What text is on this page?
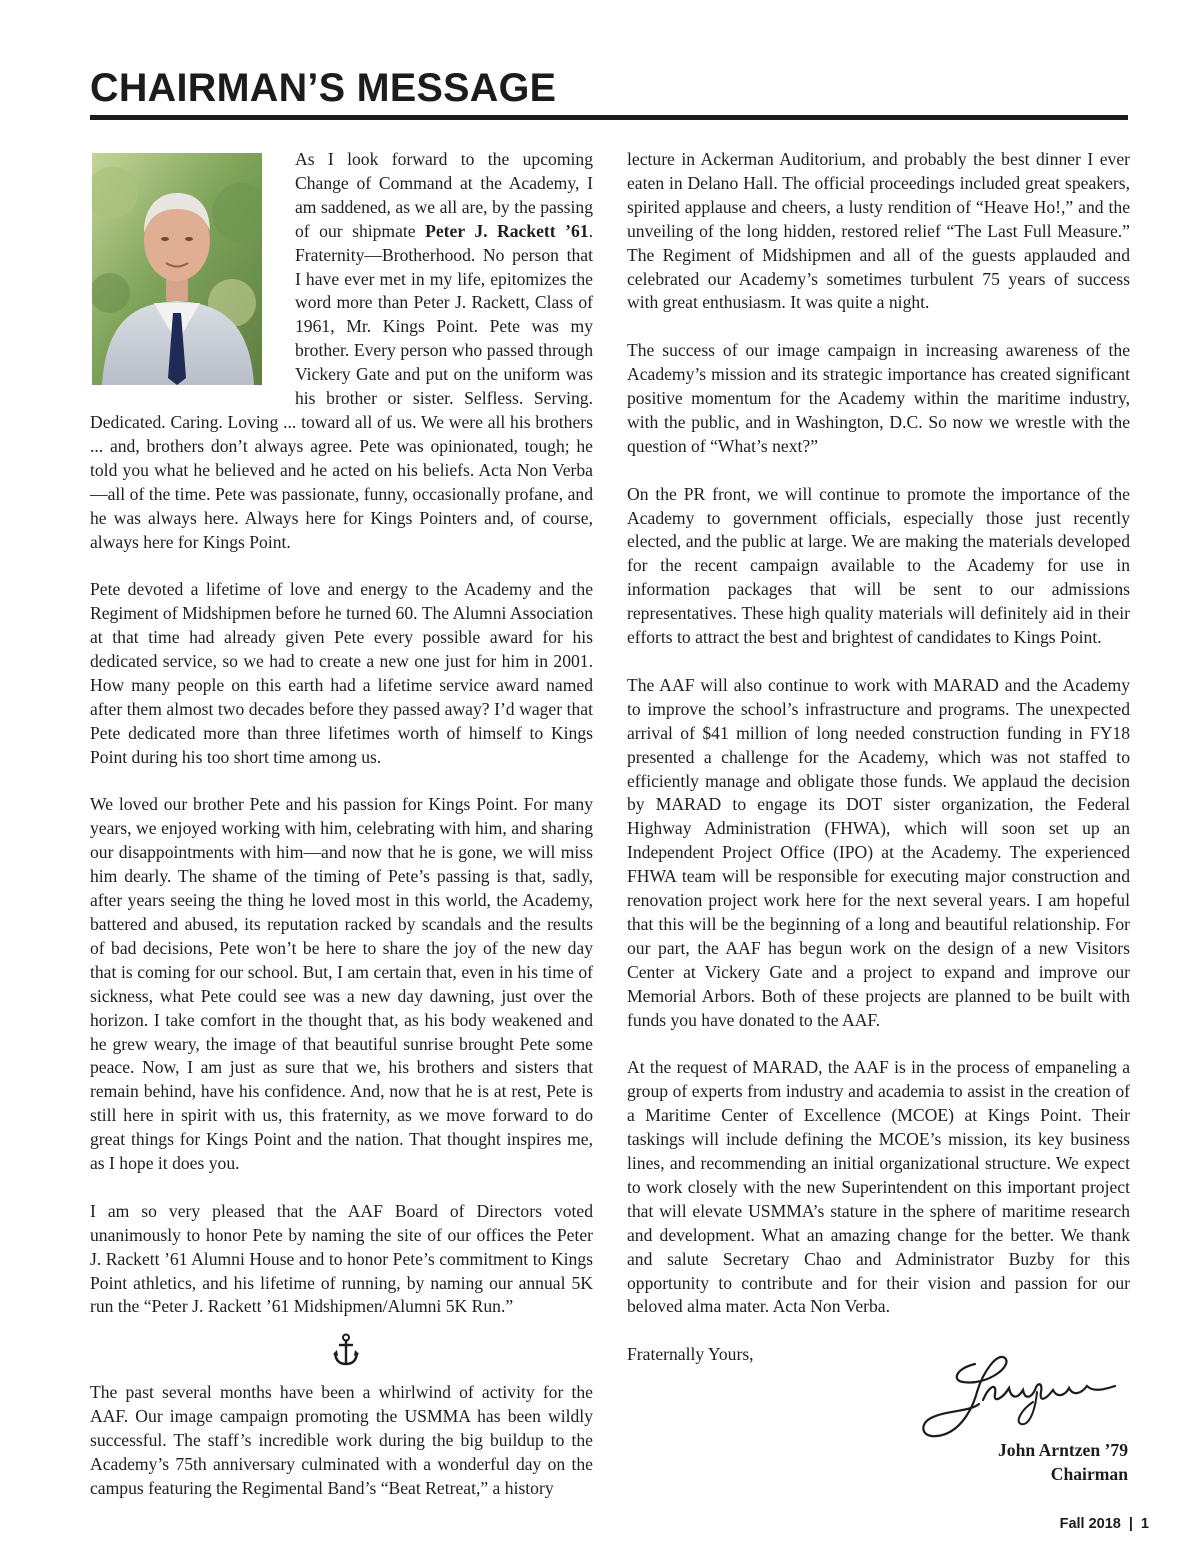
CHAIRMAN’S MESSAGE

As I look forward to the upcoming Change of Command at the Academy, I am saddened, as we all are, by the passing of our shipmate Peter J. Rackett ’61. Fraternity—Brotherhood. No person that I have ever met in my life, epitomizes the word more than Peter J. Rackett, Class of 1961, Mr. Kings Point. Pete was my brother. Every person who passed through Vickery Gate and put on the uniform was his brother or sister. Selfless. Serving. Dedicated. Caring. Loving ... toward all of us. We were all his brothers ... and, brothers don’t always agree. Pete was opinionated, tough; he told you what he believed and he acted on his beliefs. Acta Non Verba—all of the time. Pete was passionate, funny, occasionally profane, and he was always here. Always here for Kings Pointers and, of course, always here for Kings Point.

Pete devoted a lifetime of love and energy to the Academy and the Regiment of Midshipmen before he turned 60. The Alumni Association at that time had already given Pete every possible award for his dedicated service, so we had to create a new one just for him in 2001. How many people on this earth had a lifetime service award named after them almost two decades before they passed away? I’d wager that Pete dedicated more than three lifetimes worth of himself to Kings Point during his too short time among us.

We loved our brother Pete and his passion for Kings Point. For many years, we enjoyed working with him, celebrating with him, and sharing our disappointments with him—and now that he is gone, we will miss him dearly. The shame of the timing of Pete’s passing is that, sadly, after years seeing the thing he loved most in this world, the Academy, battered and abused, its reputation racked by scandals and the results of bad decisions, Pete won’t be here to share the joy of the new day that is coming for our school. But, I am certain that, even in his time of sickness, what Pete could see was a new day dawning, just over the horizon. I take comfort in the thought that, as his body weakened and he grew weary, the image of that beautiful sunrise brought Pete some peace. Now, I am just as sure that we, his brothers and sisters that remain behind, have his confidence. And, now that he is at rest, Pete is still here in spirit with us, this fraternity, as we move forward to do great things for Kings Point and the nation. That thought inspires me, as I hope it does you.

I am so very pleased that the AAF Board of Directors voted unanimously to honor Pete by naming the site of our offices the Peter J. Rackett ’61 Alumni House and to honor Pete’s commitment to Kings Point athletics, and his lifetime of running, by naming our annual 5K run the “Peter J. Rackett ’61 Midshipmen/Alumni 5K Run.”

The past several months have been a whirlwind of activity for the AAF. Our image campaign promoting the USMMA has been wildly successful. The staff’s incredible work during the big buildup to the Academy’s 75th anniversary culminated with a wonderful day on the campus featuring the Regimental Band’s “Beat Retreat,” a history

lecture in Ackerman Auditorium, and probably the best dinner I ever eaten in Delano Hall. The official proceedings included great speakers, spirited applause and cheers, a lusty rendition of “Heave Ho!,” and the unveiling of the long hidden, restored relief “The Last Full Measure.” The Regiment of Midshipmen and all of the guests applauded and celebrated our Academy’s sometimes turbulent 75 years of success with great enthusiasm. It was quite a night.

The success of our image campaign in increasing awareness of the Academy’s mission and its strategic importance has created significant positive momentum for the Academy within the maritime industry, with the public, and in Washington, D.C. So now we wrestle with the question of “What’s next?”

On the PR front, we will continue to promote the importance of the Academy to government officials, especially those just recently elected, and the public at large. We are making the materials developed for the recent campaign available to the Academy for use in information packages that will be sent to our admissions representatives. These high quality materials will definitely aid in their efforts to attract the best and brightest of candidates to Kings Point.

The AAF will also continue to work with MARAD and the Academy to improve the school’s infrastructure and programs. The unexpected arrival of $41 million of long needed construction funding in FY18 presented a challenge for the Academy, which was not staffed to efficiently manage and obligate those funds. We applaud the decision by MARAD to engage its DOT sister organization, the Federal Highway Administration (FHWA), which will soon set up an Independent Project Office (IPO) at the Academy. The experienced FHWA team will be responsible for executing major construction and renovation project work here for the next several years. I am hopeful that this will be the beginning of a long and beautiful relationship. For our part, the AAF has begun work on the design of a new Visitors Center at Vickery Gate and a project to expand and improve our Memorial Arbors. Both of these projects are planned to be built with funds you have donated to the AAF.

At the request of MARAD, the AAF is in the process of empaneling a group of experts from industry and academia to assist in the creation of a Maritime Center of Excellence (MCOE) at Kings Point. Their taskings will include defining the MCOE’s mission, its key business lines, and recommending an initial organizational structure. We expect to work closely with the new Superintendent on this important project that will elevate USMMA’s stature in the sphere of maritime research and development. What an amazing change for the better. We thank and salute Secretary Chao and Administrator Buzby for this opportunity to contribute and for their vision and passion for our beloved alma mater. Acta Non Verba.

Fraternally Yours,

John Arntzen ’79
Chairman
Fall 2018 | 1
